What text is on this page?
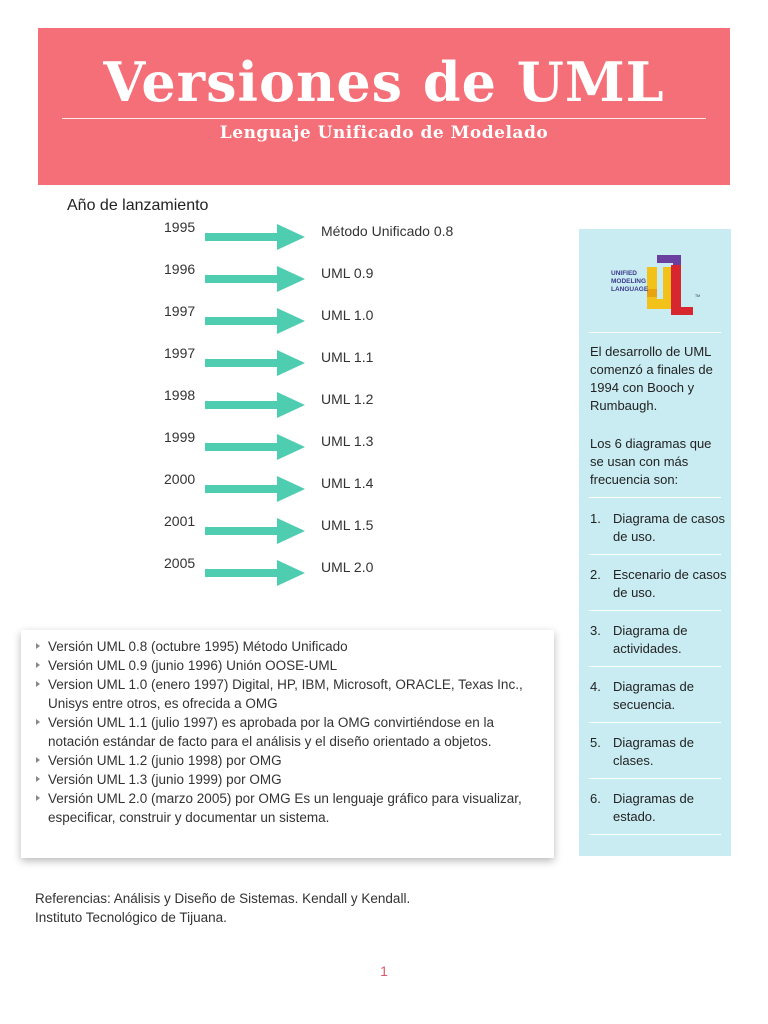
Versiones de UML
Lenguaje Unificado de Modelado
Año de lanzamiento
1995	Método Unificado 0.8
1996	UML 0.9
1997	UML 1.0
1997	UML 1.1
1998	UML 1.2
1999	UML 1.3
2000	UML 1.4
2001	UML 1.5
2005	UML 2.0
UNIFIED
MODELING
LANGUAGE
TM
El desarrollo de UML comenzó a finales de 1994 con Booch y Rumbaugh.
Los 6 diagramas que se usan con más frecuencia son:
1. Diagrama de casos de uso.
2. Escenario de casos de uso.
3. Diagrama de actividades.
4. Diagramas de secuencia.
5. Diagramas de clases.
6. Diagramas de estado.
Versión UML 0.8 (octubre 1995) Método Unificado
Versión UML 0.9 (junio 1996) Unión OOSE-UML
Version UML 1.0 (enero 1997) Digital, HP, IBM, Microsoft, ORACLE, Texas Inc., Unisys entre otros, es ofrecida a OMG
Versión UML 1.1 (julio 1997) es aprobada por la OMG convirtiéndose en la notación estándar de facto para el análisis y el diseño orientado a objetos.
Versión UML 1.2 (junio 1998) por OMG
Versión UML 1.3 (junio 1999) por OMG
Versión UML 2.0 (marzo 2005) por OMG Es un lenguaje gráfico para visualizar, especificar, construir y documentar un sistema.
Referencias: Análisis y Diseño de Sistemas. Kendall y Kendall.
Instituto Tecnológico de Tijuana.
1
